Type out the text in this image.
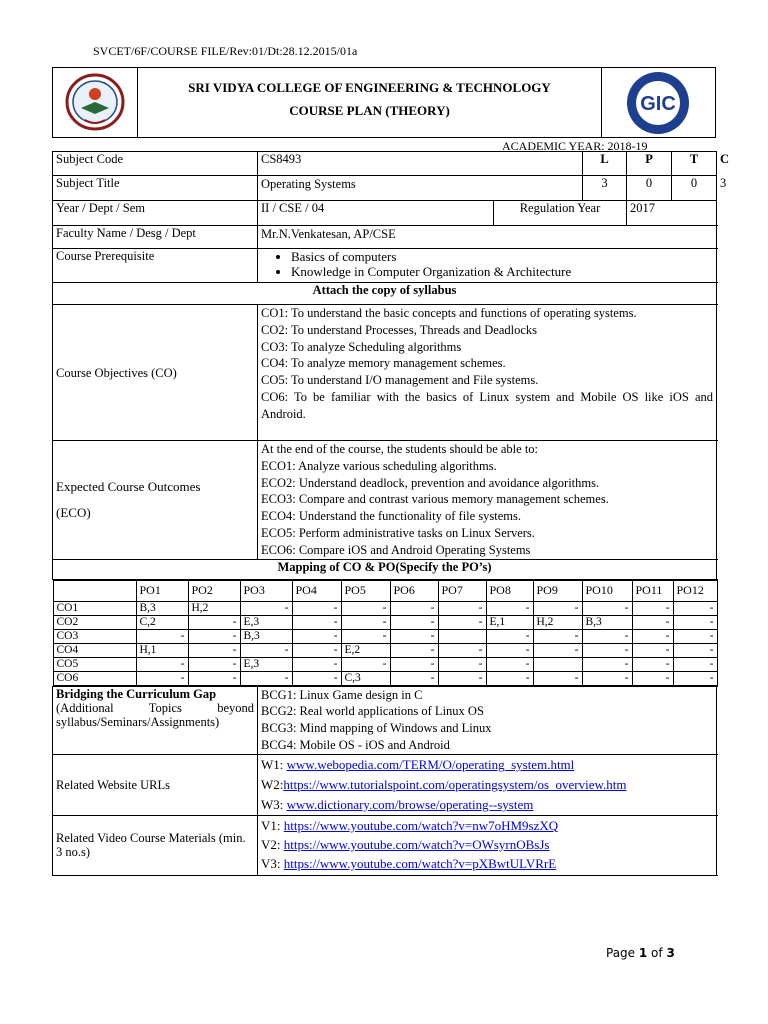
SVCET/6F/COURSE FILE/Rev:01/Dt:28.12.2015/01a
SRI VIDYA COLLEGE OF ENGINEERING & TECHNOLOGY
COURSE PLAN (THEORY)	GIC
ACADEMIC YEAR: 2018-19
Subject Code	CS8493	L	P	T	C
Subject Title	Operating Systems	3	0	0	3
Year / Dept / Sem	II / CSE / 04	Regulation Year	2017
Faculty Name / Desg / Dept	Mr.N.Venkatesan, AP/CSE
Course Prerequisite	
•Basics of computers
• Knowledge in Computer Organization & Architecture

Attach the copy of syllabus
Course Objectives (CO)	
CO1: To understand the basic concepts and functions of operating systems.
CO2: To understand Processes, Threads and Deadlocks
CO3: To analyze Scheduling algorithms
CO4: To analyze memory management schemes.
CO5: To understand I/O management and File systems.
CO6: To be familiar with the basics of Linux system and Mobile OS like iOS and Android.

Expected Course Outcomes
(ECO)

At the end of the course, the students should be able to:
ECO1: Analyze various scheduling algorithms.
ECO2: Understand deadlock, prevention and avoidance algorithms.
ECO3: Compare and contrast various memory management schemes.
ECO4: Understand the functionality of file systems.
ECO5: Perform administrative tasks on Linux Servers.
ECO6: Compare iOS and Android Operating Systems

Mapping of CO & PO(Specify the PO’s)

	PO1	PO2	PO3	PO4	PO5	PO6	PO7	PO8	PO9	PO10	PO11	PO12
CO1	B,3	H,2	-	-	-	-	-	-	-	-	-	-
CO2	C,2	-	E,3	-	-	-	-	E,1	H,2	B,3	-	-
CO3	-	-	B,3	-	-	-		-	-	-	-	-
CO4	H,1	-	-	-	E,2	-	-	-	-	-	-	-
CO5	-	-	E,3	-	-	-	-	-		-	-	-
CO6	-	-	-	-	C,3	-	-	-	-	-	-	-

Bridging the Curriculum Gap
(Additional Topics beyond syllabus/Seminars/Assignments)

BCG1: Linux Game design in C
BCG2: Real world applications of Linux OS
BCG3: Mind mapping of Windows and Linux
BCG4: Mobile OS - iOS and Android

Related Website URLs	
W1: www.webopedia.com/TERM/O/operating_system.html
W2:https://www.tutorialspoint.com/operatingsystem/os_overview.htm
W3: www.dictionary.com/browse/operating--system

Related Video Course Materials (min. 3 no.s)	
V1: https://www.youtube.com/watch?v=nw7oHM9szXQ
V2: https://www.youtube.com/watch?v=OWsyrnOBsJs
V3: https://www.youtube.com/watch?v=pXBwtULVRrE
Page 1 of 3
